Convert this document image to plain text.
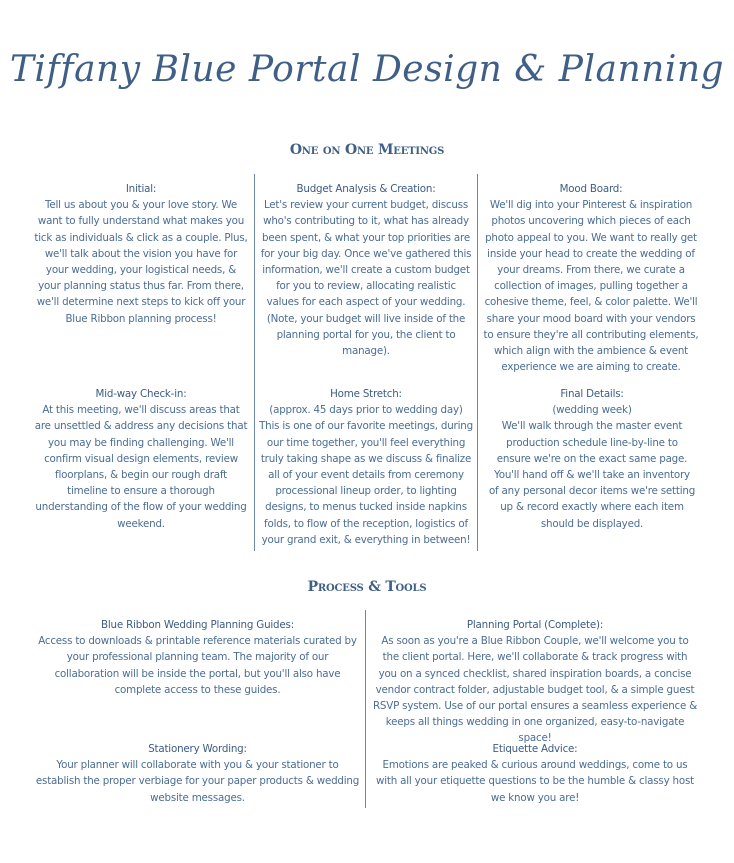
Tiffany Blue Portal Design & Planning
One on One Meetings

Initial:

Tell us about you & your love story. We want to fully understand what makes you tick as individuals & click as a couple. Plus, we'll talk about the vision you have for your wedding, your logistical needs, & your planning status thus far. From there, we'll determine next steps to kick off your Blue Ribbon planning process!

Budget Analysis & Creation:

Let's review your current budget, discuss who's contributing to it, what has already been spent, & what your top priorities are for your big day. Once we've gathered this information, we'll create a custom budget for you to review, allocating realistic values for each aspect of your wedding. (Note, your budget will live inside of the planning portal for you, the client to manage).

Mood Board:

We'll dig into your Pinterest & inspiration photos uncovering which pieces of each photo appeal to you. We want to really get inside your head to create the wedding of your dreams. From there, we curate a collection of images, pulling together a cohesive theme, feel, & color palette. We'll share your mood board with your vendors to ensure they're all contributing elements, which align with the ambience & event experience we are aiming to create.

Mid-way Check-in:

At this meeting, we'll discuss areas that are unsettled & address any decisions that you may be finding challenging. We'll confirm visual design elements, review floorplans, & begin our rough draft timeline to ensure a thorough understanding of the flow of your wedding weekend.

Home Stretch:

(approx. 45 days prior to wedding day)

This is one of our favorite meetings, during our time together, you'll feel everything truly taking shape as we discuss & finalize all of your event details from ceremony processional lineup order, to lighting designs, to menus tucked inside napkins folds, to flow of the reception, logistics of your grand exit, & everything in between!

Final Details:

(wedding week)

We'll walk through the master event production schedule line-by-line to ensure we're on the exact same page. You'll hand off & we'll take an inventory of any personal decor items we're setting up & record exactly where each item should be displayed.

Process & Tools

Blue Ribbon Wedding Planning Guides:

Access to downloads & printable reference materials curated by your professional planning team. The majority of our collaboration will be inside the portal, but you'll also have complete access to these guides.

Planning Portal (Complete):

As soon as you're a Blue Ribbon Couple, we'll welcome you to the client portal. Here, we'll collaborate & track progress with you on a synced checklist, shared inspiration boards, a concise vendor contract folder, adjustable budget tool, & a simple guest RSVP system. Use of our portal ensures a seamless experience & keeps all things wedding in one organized, easy-to-navigate space!

Stationery Wording:

Your planner will collaborate with you & your stationer to establish the proper verbiage for your paper products & wedding website messages.

Etiquette Advice:

Emotions are peaked & curious around weddings, come to us with all your etiquette questions to be the humble & classy host we know you are!
